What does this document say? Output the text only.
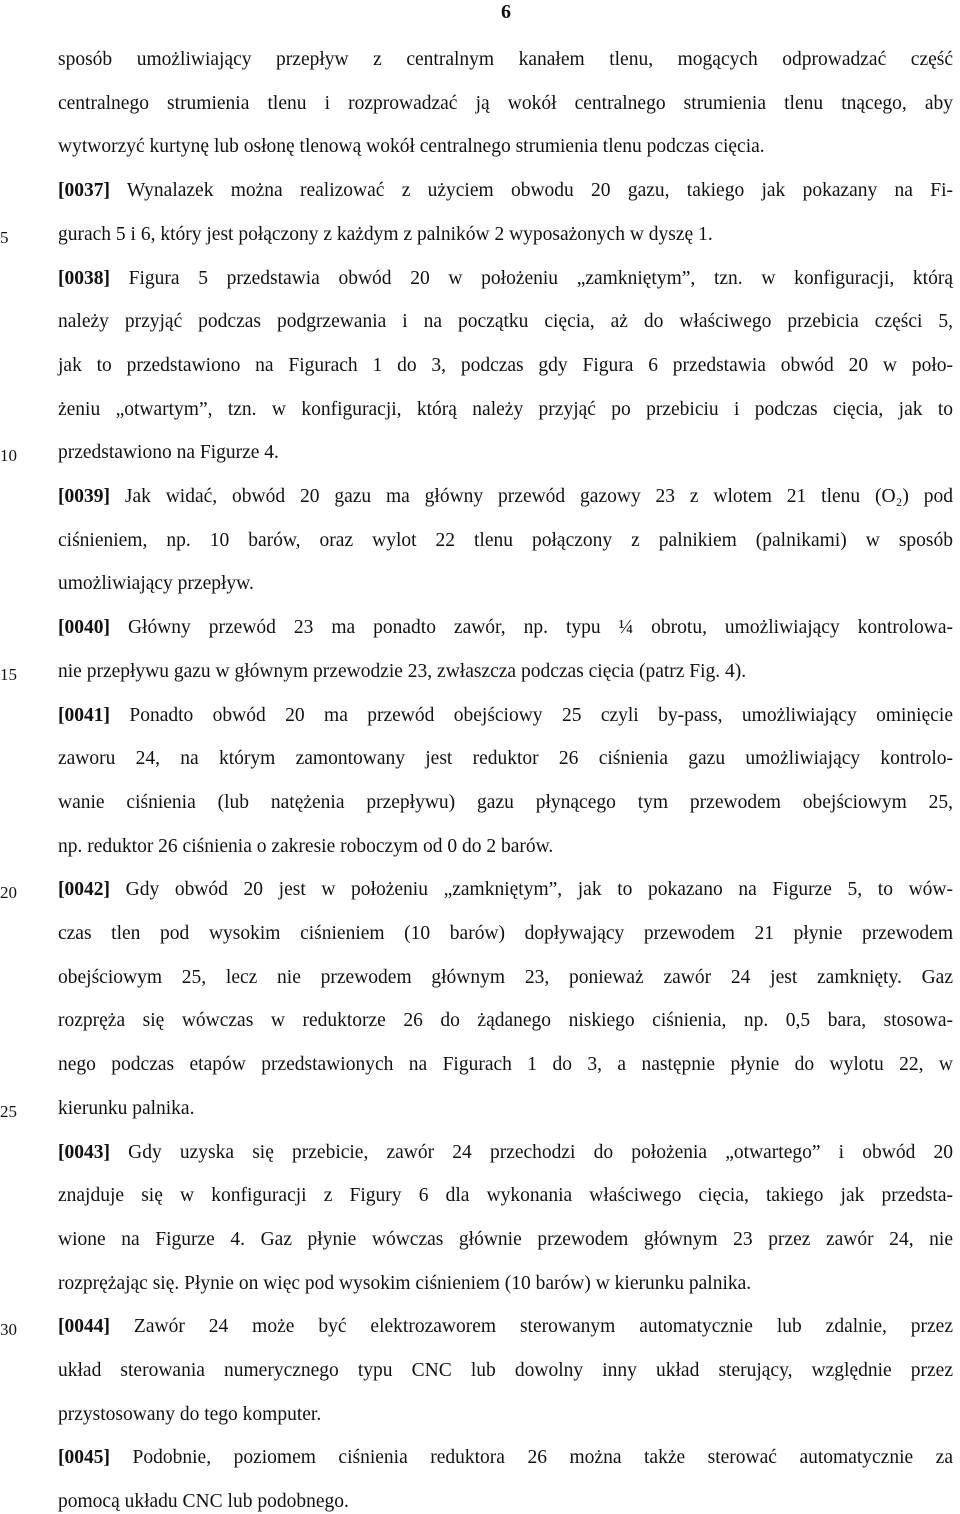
6
5
10
15
20
25
30
sposób umożliwiający przepływ z centralnym kanałem tlenu, mogących odprowadzać część
centralnego strumienia tlenu i rozprowadzać ją wokół centralnego strumienia tlenu tnącego, aby
wytworzyć kurtynę lub osłonę tlenową wokół centralnego strumienia tlenu podczas cięcia.
[0037] Wynalazek można realizować z użyciem obwodu 20 gazu, takiego jak pokazany na Fi-
gurach 5 i 6, który jest połączony z każdym z palników 2 wyposażonych w dyszę 1.
[0038] Figura 5 przedstawia obwód 20 w położeniu „zamkniętym”, tzn. w konfiguracji, którą
należy przyjąć podczas podgrzewania i na początku cięcia, aż do właściwego przebicia części 5,
jak to przedstawiono na Figurach 1 do 3, podczas gdy Figura 6 przedstawia obwód 20 w poło-
żeniu „otwartym”, tzn. w konfiguracji, którą należy przyjąć po przebiciu i podczas cięcia, jak to
przedstawiono na Figurze 4.
[0039] Jak widać, obwód 20 gazu ma główny przewód gazowy 23 z wlotem 21 tlenu (O₂) pod
ciśnieniem, np. 10 barów, oraz wylot 22 tlenu połączony z palnikiem (palnikami) w sposób
umożliwiający przepływ.
[0040] Główny przewód 23 ma ponadto zawór, np. typu ¼ obrotu, umożliwiający kontrolowa-
nie przepływu gazu w głównym przewodzie 23, zwłaszcza podczas cięcia (patrz Fig. 4).
[0041] Ponadto obwód 20 ma przewód obejściowy 25 czyli by-pass, umożliwiający ominięcie
zaworu 24, na którym zamontowany jest reduktor 26 ciśnienia gazu umożliwiający kontrolo-
wanie ciśnienia (lub natężenia przepływu) gazu płynącego tym przewodem obejściowym 25,
np. reduktor 26 ciśnienia o zakresie roboczym od 0 do 2 barów.
[0042] Gdy obwód 20 jest w położeniu „zamkniętym”, jak to pokazano na Figurze 5, to wów-
czas tlen pod wysokim ciśnieniem (10 barów) dopływający przewodem 21 płynie przewodem
obejściowym 25, lecz nie przewodem głównym 23, ponieważ zawór 24 jest zamknięty. Gaz
rozpręża się wówczas w reduktorze 26 do żądanego niskiego ciśnienia, np. 0,5 bara, stosowa-
nego podczas etapów przedstawionych na Figurach 1 do 3, a następnie płynie do wylotu 22, w
kierunku palnika.
[0043] Gdy uzyska się przebicie, zawór 24 przechodzi do położenia „otwartego” i obwód 20
znajduje się w konfiguracji z Figury 6 dla wykonania właściwego cięcia, takiego jak przedsta-
wione na Figurze 4. Gaz płynie wówczas głównie przewodem głównym 23 przez zawór 24, nie
rozprężając się. Płynie on więc pod wysokim ciśnieniem (10 barów) w kierunku palnika.
[0044] Zawór 24 może być elektrozaworem sterowanym automatycznie lub zdalnie, przez
układ sterowania numerycznego typu CNC lub dowolny inny układ sterujący, względnie przez
przystosowany do tego komputer.
[0045] Podobnie, poziomem ciśnienia reduktora 26 można także sterować automatycznie za
pomocą układu CNC lub podobnego.
